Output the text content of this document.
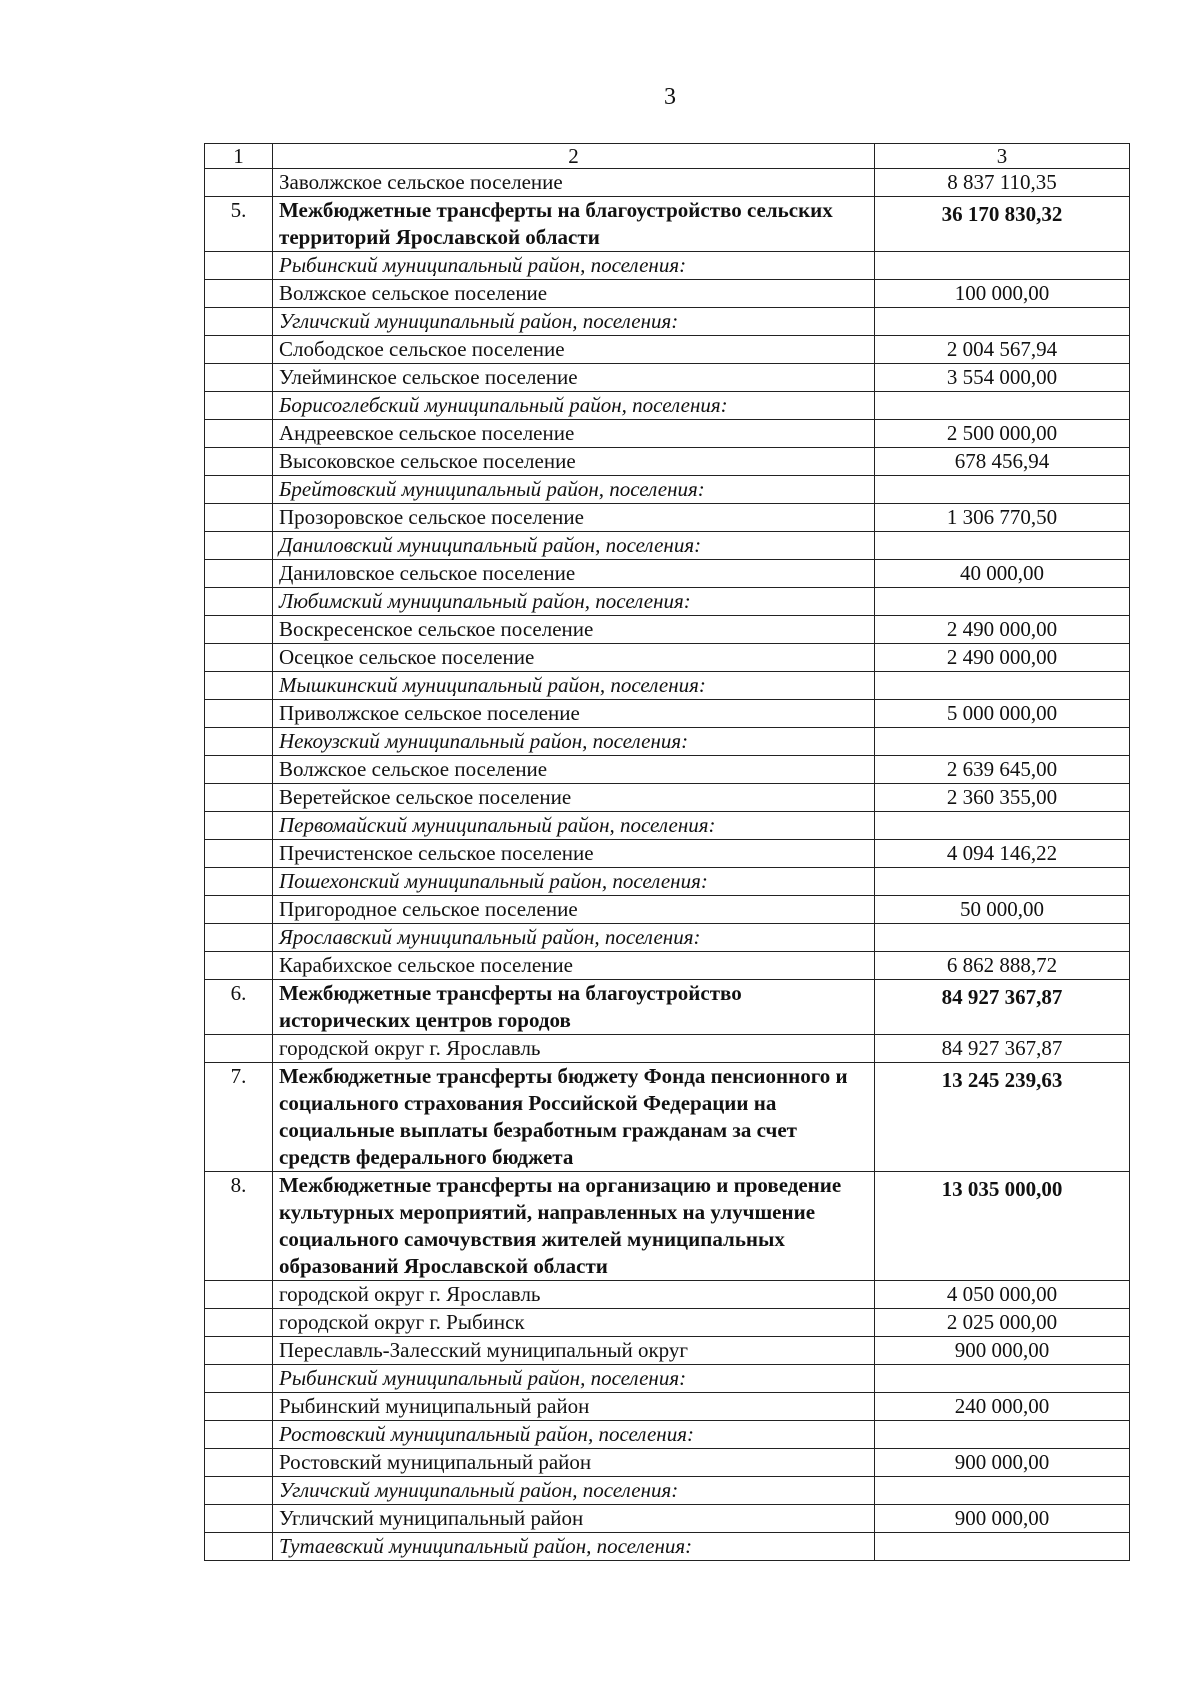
3
1	2	3
	Заволжское сельское поселение	8 837 110,35
5.	Межбюджетные трансферты на благоустройство сельских территорий Ярославской области	36 170 830,32
	Рыбинский муниципальный район, поселения:	
	Волжское сельское поселение	100 000,00
	Угличский муниципальный район, поселения:	
	Слободское сельское поселение	2 004 567,94
	Улейминское сельское поселение	3 554 000,00
	Борисоглебский муниципальный район, поселения:	
	Андреевское сельское поселение	2 500 000,00
	Высоковское сельское поселение	678 456,94
	Брейтовский муниципальный район, поселения:	
	Прозоровское сельское поселение	1 306 770,50
	Даниловский муниципальный район, поселения:	
	Даниловское сельское поселение	40 000,00
	Любимский муниципальный район, поселения:	
	Воскресенское сельское поселение	2 490 000,00
	Осецкое сельское поселение	2 490 000,00
	Мышкинский муниципальный район, поселения:	
	Приволжское сельское поселение	5 000 000,00
	Некоузский муниципальный район, поселения:	
	Волжское сельское поселение	2 639 645,00
	Веретейское сельское поселение	2 360 355,00
	Первомайский муниципальный район, поселения:	
	Пречистенское сельское поселение	4 094 146,22
	Пошехонский муниципальный район, поселения:	
	Пригородное сельское поселение	50 000,00
	Ярославский муниципальный район, поселения:	
	Карабихское сельское поселение	6 862 888,72
6.	Межбюджетные трансферты на благоустройство исторических центров городов	84 927 367,87
	городской округ г. Ярославль	84 927 367,87
7.	Межбюджетные трансферты бюджету Фонда пенсионного и социального страхования Российской Федерации на социальные выплаты безработным гражданам за счет средств федерального бюджета	13 245 239,63
8.	Межбюджетные трансферты на организацию и проведение культурных мероприятий, направленных на улучшение социального самочувствия жителей муниципальных образований Ярославской области	13 035 000,00
	городской округ г. Ярославль	4 050 000,00
	городской округ г. Рыбинск	2 025 000,00
	Переславль-Залесский муниципальный округ	900 000,00
	Рыбинский муниципальный район, поселения:	
	Рыбинский муниципальный район	240 000,00
	Ростовский муниципальный район, поселения:	
	Ростовский муниципальный район	900 000,00
	Угличский муниципальный район, поселения:	
	Угличский муниципальный район	900 000,00
	Тутаевский муниципальный район, поселения:	
